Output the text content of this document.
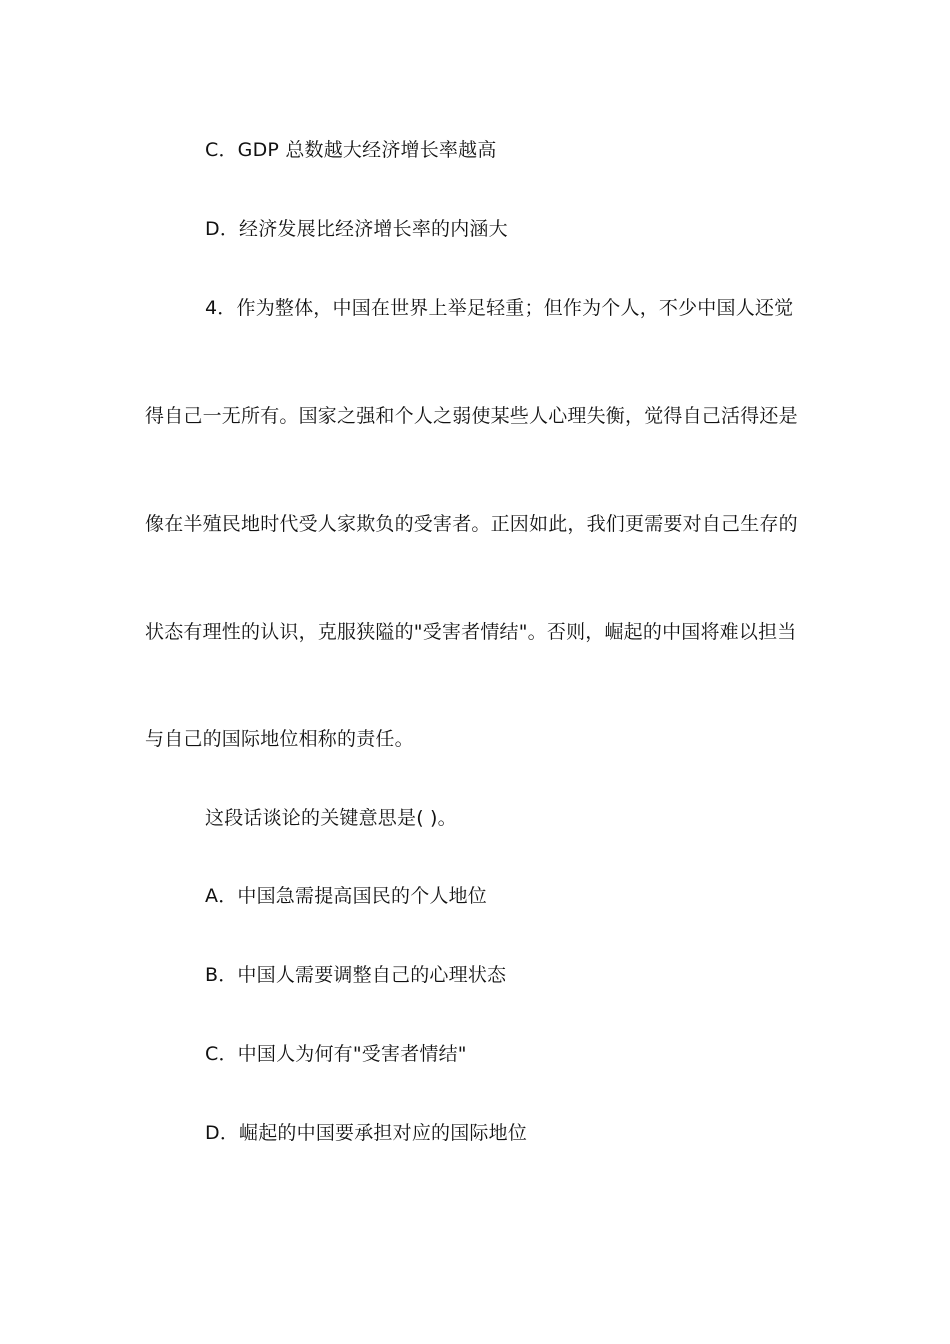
C．GDP 总数越大经济增长率越高
D．经济发展比经济增长率的内涵大
4．作为整体，中国在世界上举足轻重；但作为个人，不少中国人还觉
得自己一无所有。国家之强和个人之弱使某些人心理失衡，觉得自己活得还是
像在半殖民地时代受人家欺负的受害者。正因如此，我们更需要对自己生存的
状态有理性的认识，克服狭隘的"受害者情结"。否则，崛起的中国将难以担当
与自己的国际地位相称的责任。
这段话谈论的关键意思是( )。
A．中国急需提高国民的个人地位
B．中国人需要调整自己的心理状态
C．中国人为何有"受害者情结"
D．崛起的中国要承担对应的国际地位
